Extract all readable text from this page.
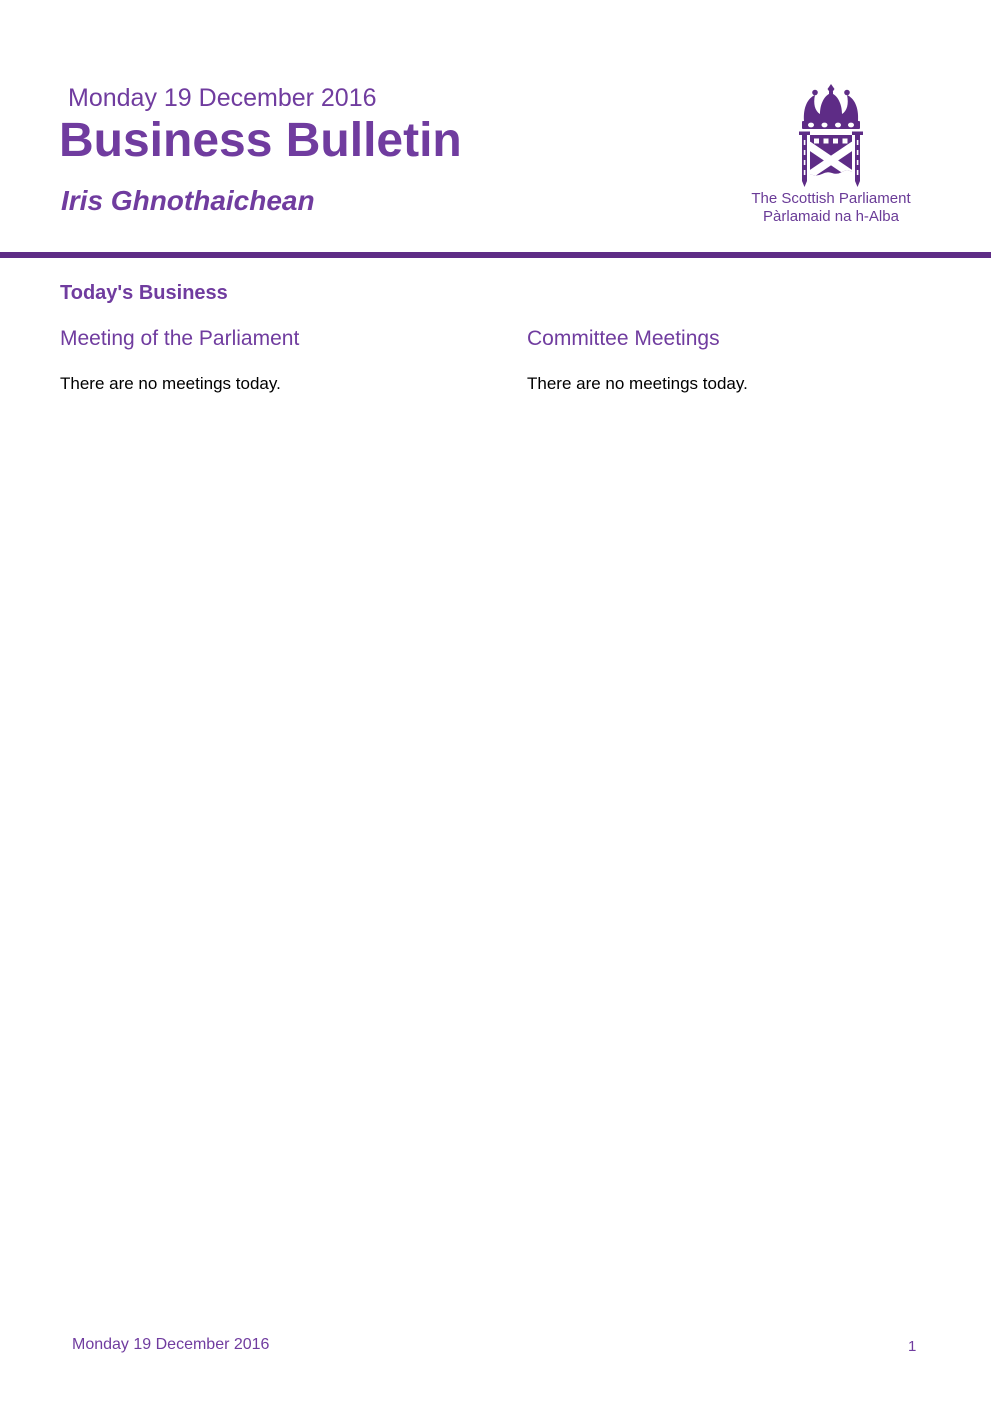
Monday 19 December 2016
Business Bulletin
Iris Ghnothaichean	The Scottish Parliament
Pàrlamaid na h-Alba
Today's Business
Meeting of the Parliament

There are no meetings today.

Committee Meetings

There are no meetings today.

Monday 19 December 2016	1
